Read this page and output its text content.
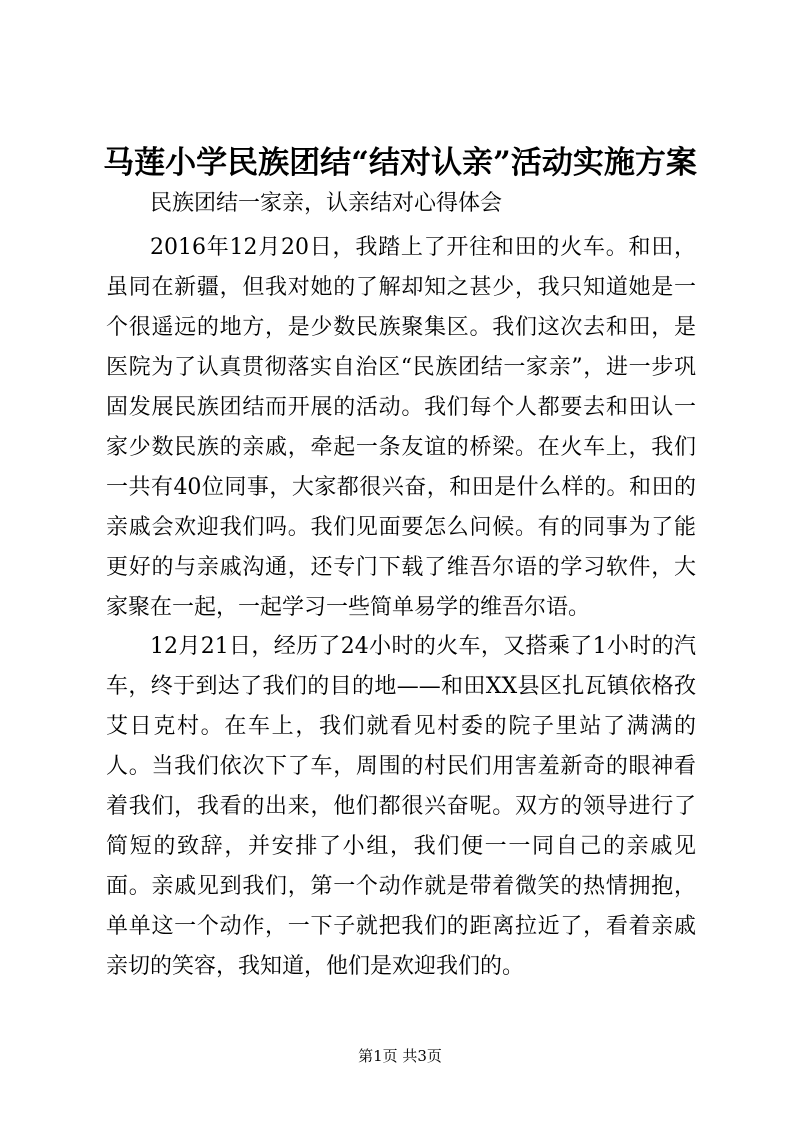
马莲小学民族团结“结对认亲”活动实施方案
民族团结一家亲，认亲结对心得体会
2016年12月20日，我踏上了开往和田的火车。和田，虽同在新疆，但我对她的了解却知之甚少，我只知道她是一个很遥远的地方，是少数民族聚集区。我们这次去和田，是医院为了认真贯彻落实自治区“民族团结一家亲”，进一步巩固发展民族团结而开展的活动。我们每个人都要去和田认一家少数民族的亲戚，牵起一条友谊的桥梁。在火车上，我们一共有40位同事，大家都很兴奋，和田是什么样的。和田的亲戚会欢迎我们吗。我们见面要怎么问候。有的同事为了能更好的与亲戚沟通，还专门下载了维吾尔语的学习软件，大家聚在一起，一起学习一些简单易学的维吾尔语。
12月21日，经历了24小时的火车，又搭乘了1小时的汽车，终于到达了我们的目的地——和田XX县区扎瓦镇依格孜艾日克村。在车上，我们就看见村委的院子里站了满满的人。当我们依次下了车，周围的村民们用害羞新奇的眼神看着我们，我看的出来，他们都很兴奋呢。双方的领导进行了简短的致辞，并安排了小组，我们便一一同自己的亲戚见面。亲戚见到我们，第一个动作就是带着微笑的热情拥抱，单单这一个动作，一下子就把我们的距离拉近了，看着亲戚亲切的笑容，我知道，他们是欢迎我们的。
第1页 共3页
